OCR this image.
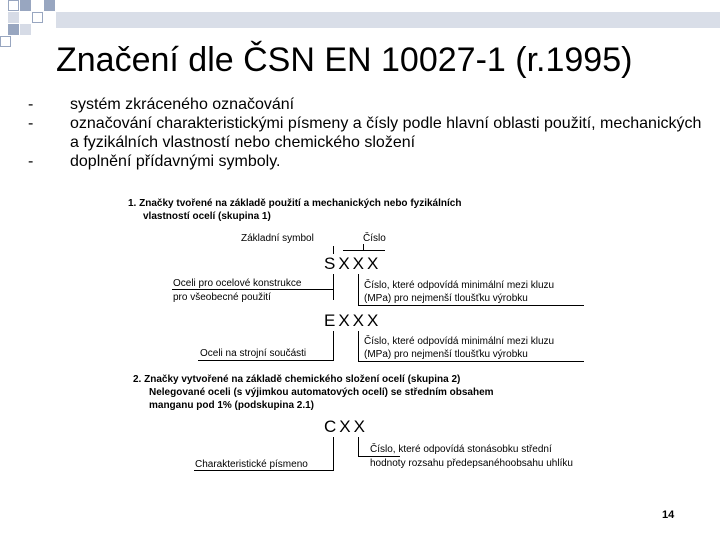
Značení dle ČSN EN 10027-1 (r.1995)
- systém zkráceného označování
- označování charakteristickými písmeny a čísly podle hlavní oblasti použití, mechanických a fyzikálních vlastností nebo chemického složení
- doplnění přídavnými symboly.
1. Značky tvořené na základě použití a mechanických nebo fyzikálních
vlastností ocelí (skupina 1)
Základní symbol	Číslo
SXXX
Oceli pro ocelové konstrukce
pro všeobecné použití
Číslo, které odpovídá minimální mezi kluzu
(MPa) pro nejmenší tloušťku výrobku
EXXX
Oceli na strojní součásti
Číslo, které odpovídá minimální mezi kluzu
(MPa) pro nejmenší tloušťku výrobku
2. Značky vytvořené na základě chemického složení ocelí (skupina 2)
Nelegované oceli (s výjimkou automatových ocelí) se středním obsahem
manganu pod 1% (podskupina 2.1)
CXX
Charakteristické písmeno
Číslo, které odpovídá stonásobku střední
hodnoty rozsahu předepsanéhoobsahu uhlíku
14
